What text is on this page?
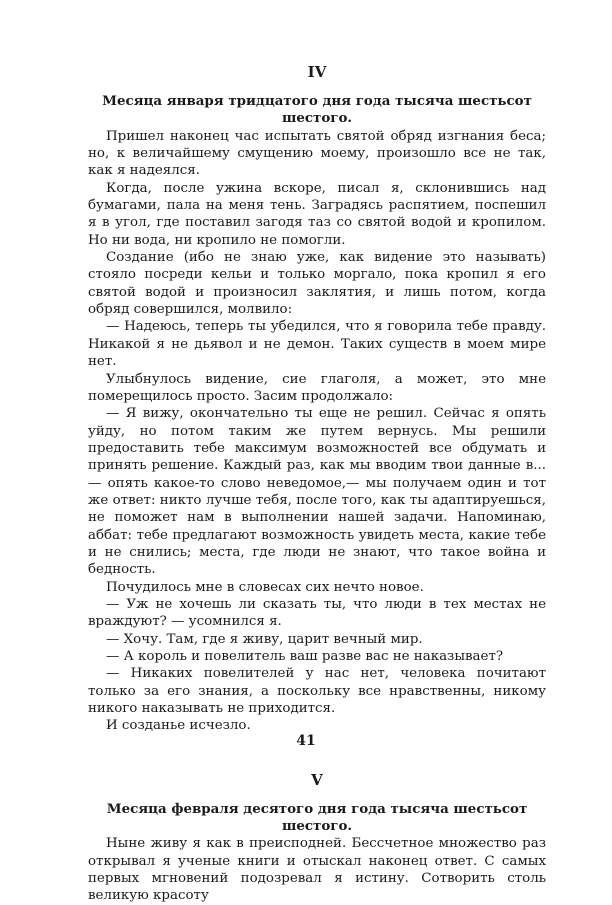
IV
Месяца января тридцатого дня года тысяча шестьсот шестого.

Пришел наконец час испытать святой обряд изгнания беса; но, к величайшему смущению моему, произошло все не так, как я надеялся.

Когда, после ужина вскоре, писал я, склонившись над бумагами, пала на меня тень. Заградясь распятием, поспешил я в угол, где поставил загодя таз со святой водой и кропилом. Но ни вода, ни кропило не помогли.

Создание (ибо не знаю уже, как видение это называть) стояло посреди кельи и только моргало, пока кропил я его святой водой и произносил заклятия, и лишь потом, когда обряд совершился, молвило:

— Надеюсь, теперь ты убедился, что я говорила тебе правду. Никакой я не дьявол и не демон. Таких существ в моем мире нет.

Улыбнулось видение, сие глаголя, а может, это мне померещилось просто. Засим продолжало:

— Я вижу, окончательно ты еще не решил. Сейчас я опять уйду, но потом таким же путем вернусь. Мы решили предоставить тебе максимум возможностей все обдумать и принять решение. Каждый раз, как мы вводим твои данные в...— опять какое-то слово неведомое,— мы получаем один и тот же ответ: никто лучше тебя, после того, как ты адаптируешься, не поможет нам в выполнении нашей задачи. Напоминаю, аббат: тебе предлагают возможность увидеть места, какие тебе и не снились; места, где люди не знают, что такое война и бедность.

Почудилось мне в словесах сих нечто новое.

— Уж не хочешь ли сказать ты, что люди в тех местах не враждуют? — усомнился я.

— Хочу. Там, где я живу, царит вечный мир.

— А король и повелитель ваш разве вас не наказывает?

— Никаких повелителей у нас нет, человека почитают только за его знания, а поскольку все нравственны, никому никого наказывать не приходится.

И созданье исчезло.

V
Месяца февраля десятого дня года тысяча шестьсот шестого.

Ныне живу я как в преисподней. Бессчетное множество раз открывал я ученые книги и отыскал наконец ответ. С самых первых мгновений подозревал я истину. Сотворить столь великую красоту

41
